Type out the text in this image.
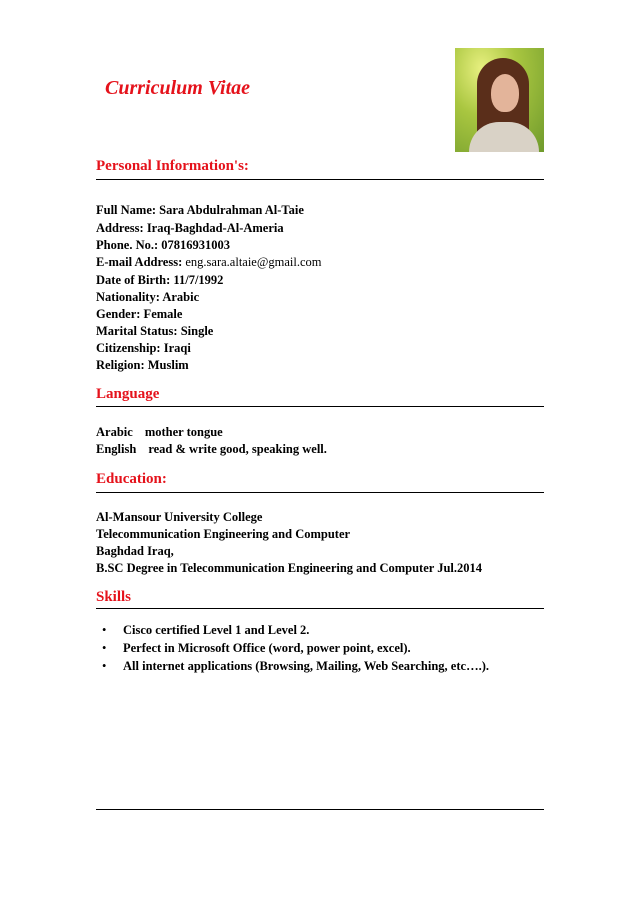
Curriculum Vitae
Personal Information's:
Full Name: Sara Abdulrahman Al-Taie
Address: Iraq-Baghdad-Al-Ameria
Phone. No.: 07816931003
E-mail Address: eng.sara.altaie@gmail.com
Date of Birth: 11/7/1992
Nationality: Arabic
Gender: Female
Marital Status: Single
Citizenship: Iraqi
Religion: Muslim
Language
Arabic mother tongue
English read & write good, speaking well.
Education:
Al-Mansour University College
Telecommunication Engineering and Computer
Baghdad Iraq,
B.SC Degree in Telecommunication Engineering and Computer Jul.2014
Skills
• Cisco certified Level 1 and Level 2.
• Perfect in Microsoft Office (word, power point, excel).
• All internet applications (Browsing, Mailing, Web Searching, etc….).
